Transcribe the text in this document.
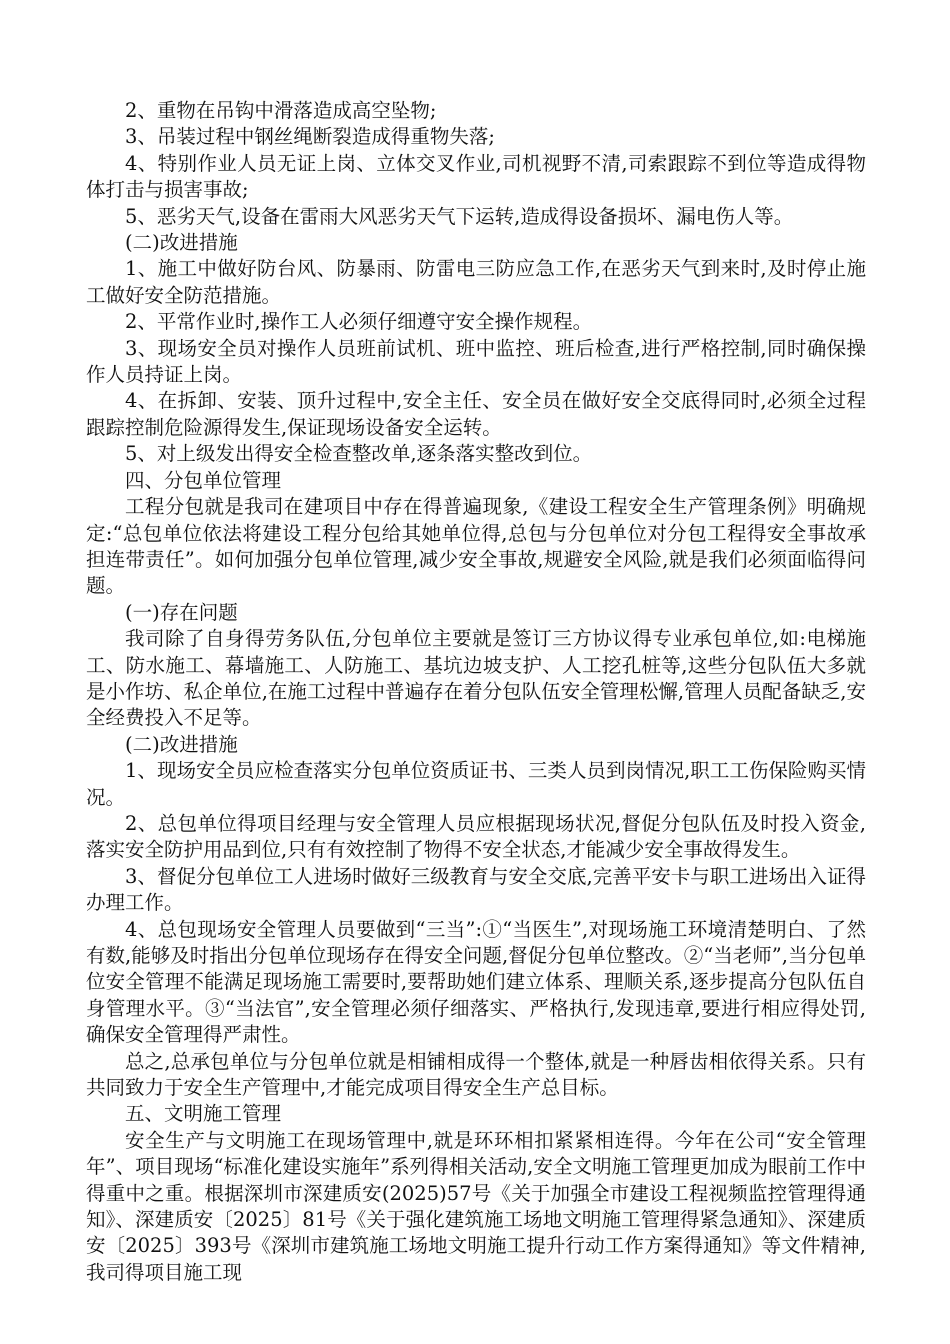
2、重物在吊钩中滑落造成高空坠物;

3、吊装过程中钢丝绳断裂造成得重物失落;

4、特别作业人员无证上岗、立体交叉作业,司机视野不清,司索跟踪不到位等造成得物体打击与损害事故;

5、恶劣天气,设备在雷雨大风恶劣天气下运转,造成得设备损坏、漏电伤人等。

(二)改进措施

1、施工中做好防台风、防暴雨、防雷电三防应急工作,在恶劣天气到来时,及时停止施工做好安全防范措施。

2、平常作业时,操作工人必须仔细遵守安全操作规程。

3、现场安全员对操作人员班前试机、班中监控、班后检查,进行严格控制,同时确保操作人员持证上岗。

4、在拆卸、安装、顶升过程中,安全主任、安全员在做好安全交底得同时,必须全过程跟踪控制危险源得发生,保证现场设备安全运转。

5、对上级发出得安全检查整改单,逐条落实整改到位。

四、分包单位管理

工程分包就是我司在建项目中存在得普遍现象,《建设工程安全生产管理条例》明确规定:“总包单位依法将建设工程分包给其她单位得,总包与分包单位对分包工程得安全事故承担连带责任”。如何加强分包单位管理,减少安全事故,规避安全风险,就是我们必须面临得问题。

(一)存在问题

我司除了自身得劳务队伍,分包单位主要就是签订三方协议得专业承包单位,如:电梯施工、防水施工、幕墙施工、人防施工、基坑边坡支护、人工挖孔桩等,这些分包队伍大多就是小作坊、私企单位,在施工过程中普遍存在着分包队伍安全管理松懈,管理人员配备缺乏,安全经费投入不足等。

(二)改进措施

1、现场安全员应检查落实分包单位资质证书、三类人员到岗情况,职工工伤保险购买情况。

2、总包单位得项目经理与安全管理人员应根据现场状况,督促分包队伍及时投入资金,落实安全防护用品到位,只有有效控制了物得不安全状态,才能减少安全事故得发生。

3、督促分包单位工人进场时做好三级教育与安全交底,完善平安卡与职工进场出入证得办理工作。

4、总包现场安全管理人员要做到“三当”:①“当医生”,对现场施工环境清楚明白、了然有数,能够及时指出分包单位现场存在得安全问题,督促分包单位整改。②“当老师”,当分包单位安全管理不能满足现场施工需要时,要帮助她们建立体系、理顺关系,逐步提高分包队伍自身管理水平。③“当法官”,安全管理必须仔细落实、严格执行,发现违章,要进行相应得处罚,确保安全管理得严肃性。

总之,总承包单位与分包单位就是相铺相成得一个整体,就是一种唇齿相依得关系。只有共同致力于安全生产管理中,才能完成项目得安全生产总目标。

五、文明施工管理

安全生产与文明施工在现场管理中,就是环环相扣紧紧相连得。今年在公司“安全管理年”、项目现场“标准化建设实施年”系列得相关活动,安全文明施工管理更加成为眼前工作中得重中之重。根据深圳市深建质安(2025)57号《关于加强全市建设工程视频监控管理得通知》、深建质安〔2025〕81号《关于强化建筑施工场地文明施工管理得紧急通知》、深建质安〔2025〕393号《深圳市建筑施工场地文明施工提升行动工作方案得通知》等文件精神,我司得项目施工现
